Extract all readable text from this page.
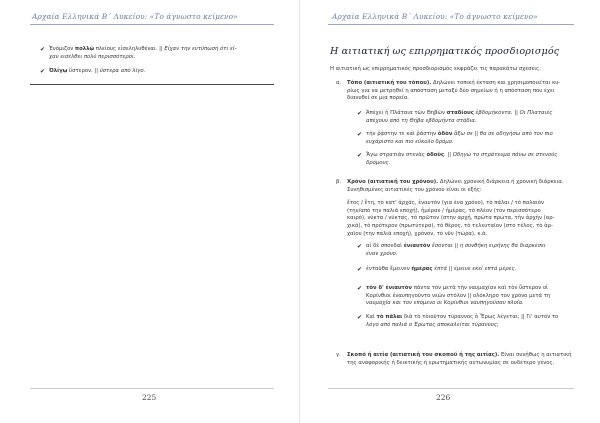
Αρχαία Ελληνικά Β΄ Λυκείου: «Το άγνωστο κείμενο»
✔ Ἐνόμιζον πολλῷ πλείους εἰσεληλυθέναι. || Είχαν την εντύπωση ότι εί-
χαν εισέλθει πολύ περισσότεροι.
✔ Ὀλίγῳ ὕστερον. || ύστερα από λίγο.
225
Αρχαία Ελληνικά Β΄ Λυκείου: «Το άγνωστο κείμενο»
Η αιτιατική ως επιρρηματικός προσδιορισμός
Η αιτιατική ως επιρρηματικός προσδιορισμός εκφράζει τις παρακάτω σχέσεις:
α. Τόπο (αιτιατική του τόπου). Δηλώνει τοπική έκταση και χρησιμοποιείται κυ-
ρίως για να μετρηθεί η απόσταση μεταξύ δύο σημείων ή η απόσταση που έχει
διανυθεί σε μια πορεία.
✔ Ἀπέχει ἡ Πλάταια τῶν Θηβῶν σταδίους ἑβδομήκοντα. || Οι Πλαταιές
απέχουν από τη Θήβα εβδομήντα στάδια.
✔ τὴν ῥᾴστην τε καὶ ῥάστην ὁδὸν ἄξω σε || θα σε οδηγήσω από τον πιο
ευχάριστο και πιο εύκολο δρόμο.
✔ Ἄγω στρατιὰν στενὰς ὁδοὺς. || Οδηγώ το στράτευμα πάνω σε στενούς
δρόμους.
β. Χρόνο (αιτιατική του χρόνου). Δηλώνει χρονική διάρκεια ή χρονική διάρκεια.
Συνηθισμένες αιτιατικές του χρόνου είναι οι εξής:
ἔτος / ἔτη, τὸ κατ' ἀρχάς, ἐναυτὸν (για ένα χρόνο), τὸ πάλαι / τὸ παλαιὸν
(την/από την παλιά εποχή), ἡμέραν / ἡμέρας, τὸ πλέον (τον περισσότερο
καιρό), νύκτα / νύκτας, τὸ πρῶτον (στην αρχή, πρώτα πρώτα, τὴν ἀρχὴν (αρ-
χικά), τὸ πρότερον (πρωτύτερα), τὸ θέρος, τὸ τελευταῖον (στο τέλος, τὸ ἀρ-
χαῖον (την παλιά εποχή), χρόνον, τὸ νῦν (τώρα), κ.ά.
✔ αἱ δὲ σπονδαὶ ἐνιαυτὸν ἔσονται || η συνθήκη ειρήνης θα διαρκέσει
έναν χρόνο.
✔ ἐνταῦθα ἔμεινεν ἡμέρας ἑπτά || έμεινε εκεί επτά μέρες.
✔ τὸν δ' ἐνιαυτὸν πάντα τὸν μετὰ τὴν ναυμαχίαν καὶ τὸν ὕστερον οἱ
Κορίνθιοι ἐναυπηγοῦντο νεῶν στόλον || ολόκληρο τον χρόνο μετά τη
ναυμαχία και τον επόμενο οι Κορίνθιοι ναυπηγούσαν πλοία.
✔ Καὶ τὸ πάλαι διὰ τὸ τοιοῦτον τύραννος ὁ Ἔρως λέγεται; || Γι' αυτόν το
λόγο από παλιά ο Έρωτας αποκαλείται τύραννος;
γ. Σκοπό ή αιτία (αιτιατική του σκοπού ή της αιτίας). Είναι συνήθως η αιτιατική
της αναφορικής ή δεικτικής ή ερωτηματικής αντωνυμίας σε ουδέτερο γένος.
226
